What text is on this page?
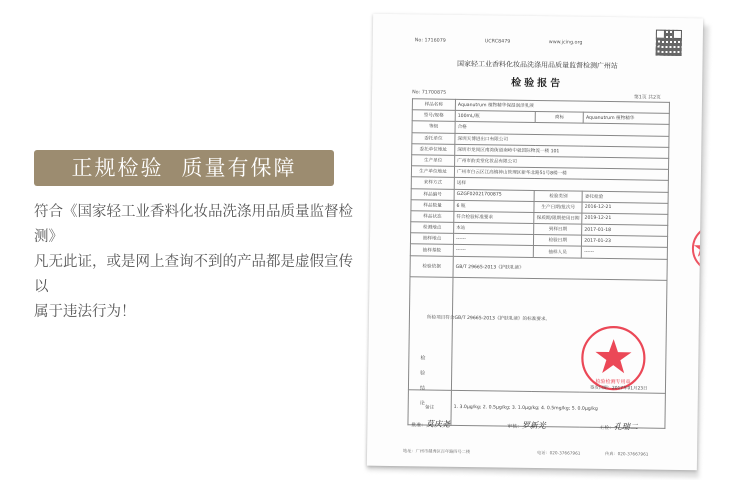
正规检验 质量有保障
符合《国家轻工业香料化妆品洗涤用品质量监督检测》
凡无此证，或是网上查询不到的产品都是虚假宣传以
属于违法行为！
No: 1716079	UCRC8479	www.jcing.org
国家轻工业香料化妆品洗涤用品质量监督检测广州站
检验报告
No: 71700875
第1页 共2页
样品名称	Aquanutrum 植物精华保湿润泽乳液		
型号/规格	100mL/瓶	商标	Aquanutrum 植物精华
等级	合格		
委托单位	深圳天博进出口有限公司		
委托单位地址	深圳市龙岗区南湾街道南岭中就国际物流一楼 101		
生产单位	广州市韵美堂化妆品有限公司		
生产单位地址	广州市白云区江高镇神山管理区新华北路51号8楼一楼		
来样方式	送样		
样品编号	GZGF02021700875	检验类别	委托检验
样品数量	6 瓶	生产日期/批次号	2016-12-21
样品状态	符合检验标准要求	保质期/限期使用日期	2019-12-21
检测地点	本站	到样日期	2017-01-18
抽样地点	------	检验日期	2017-01-23
抽样基数	------	抽样人员	------
检验依据	GB/T 29665-2013《护肤乳液》		

备注	1. 3.0μg/kg; 2. 0.5μg/kg; 3. 1.0μg/kg; 4. 0.5mg/kg; 5. 0.0μg/kg		
检
验
结
论
所检项目符合GB/T 29665-2013《护肤乳液》的标准要求。
检验检测专用章
签发日期：2017年01月23日
批准：莫庆尧	审核：罗新光	主检：孔瑞二
地址：广州市越秀区百年路四号二楼	电话：020-37667961	传真：020-37667961
